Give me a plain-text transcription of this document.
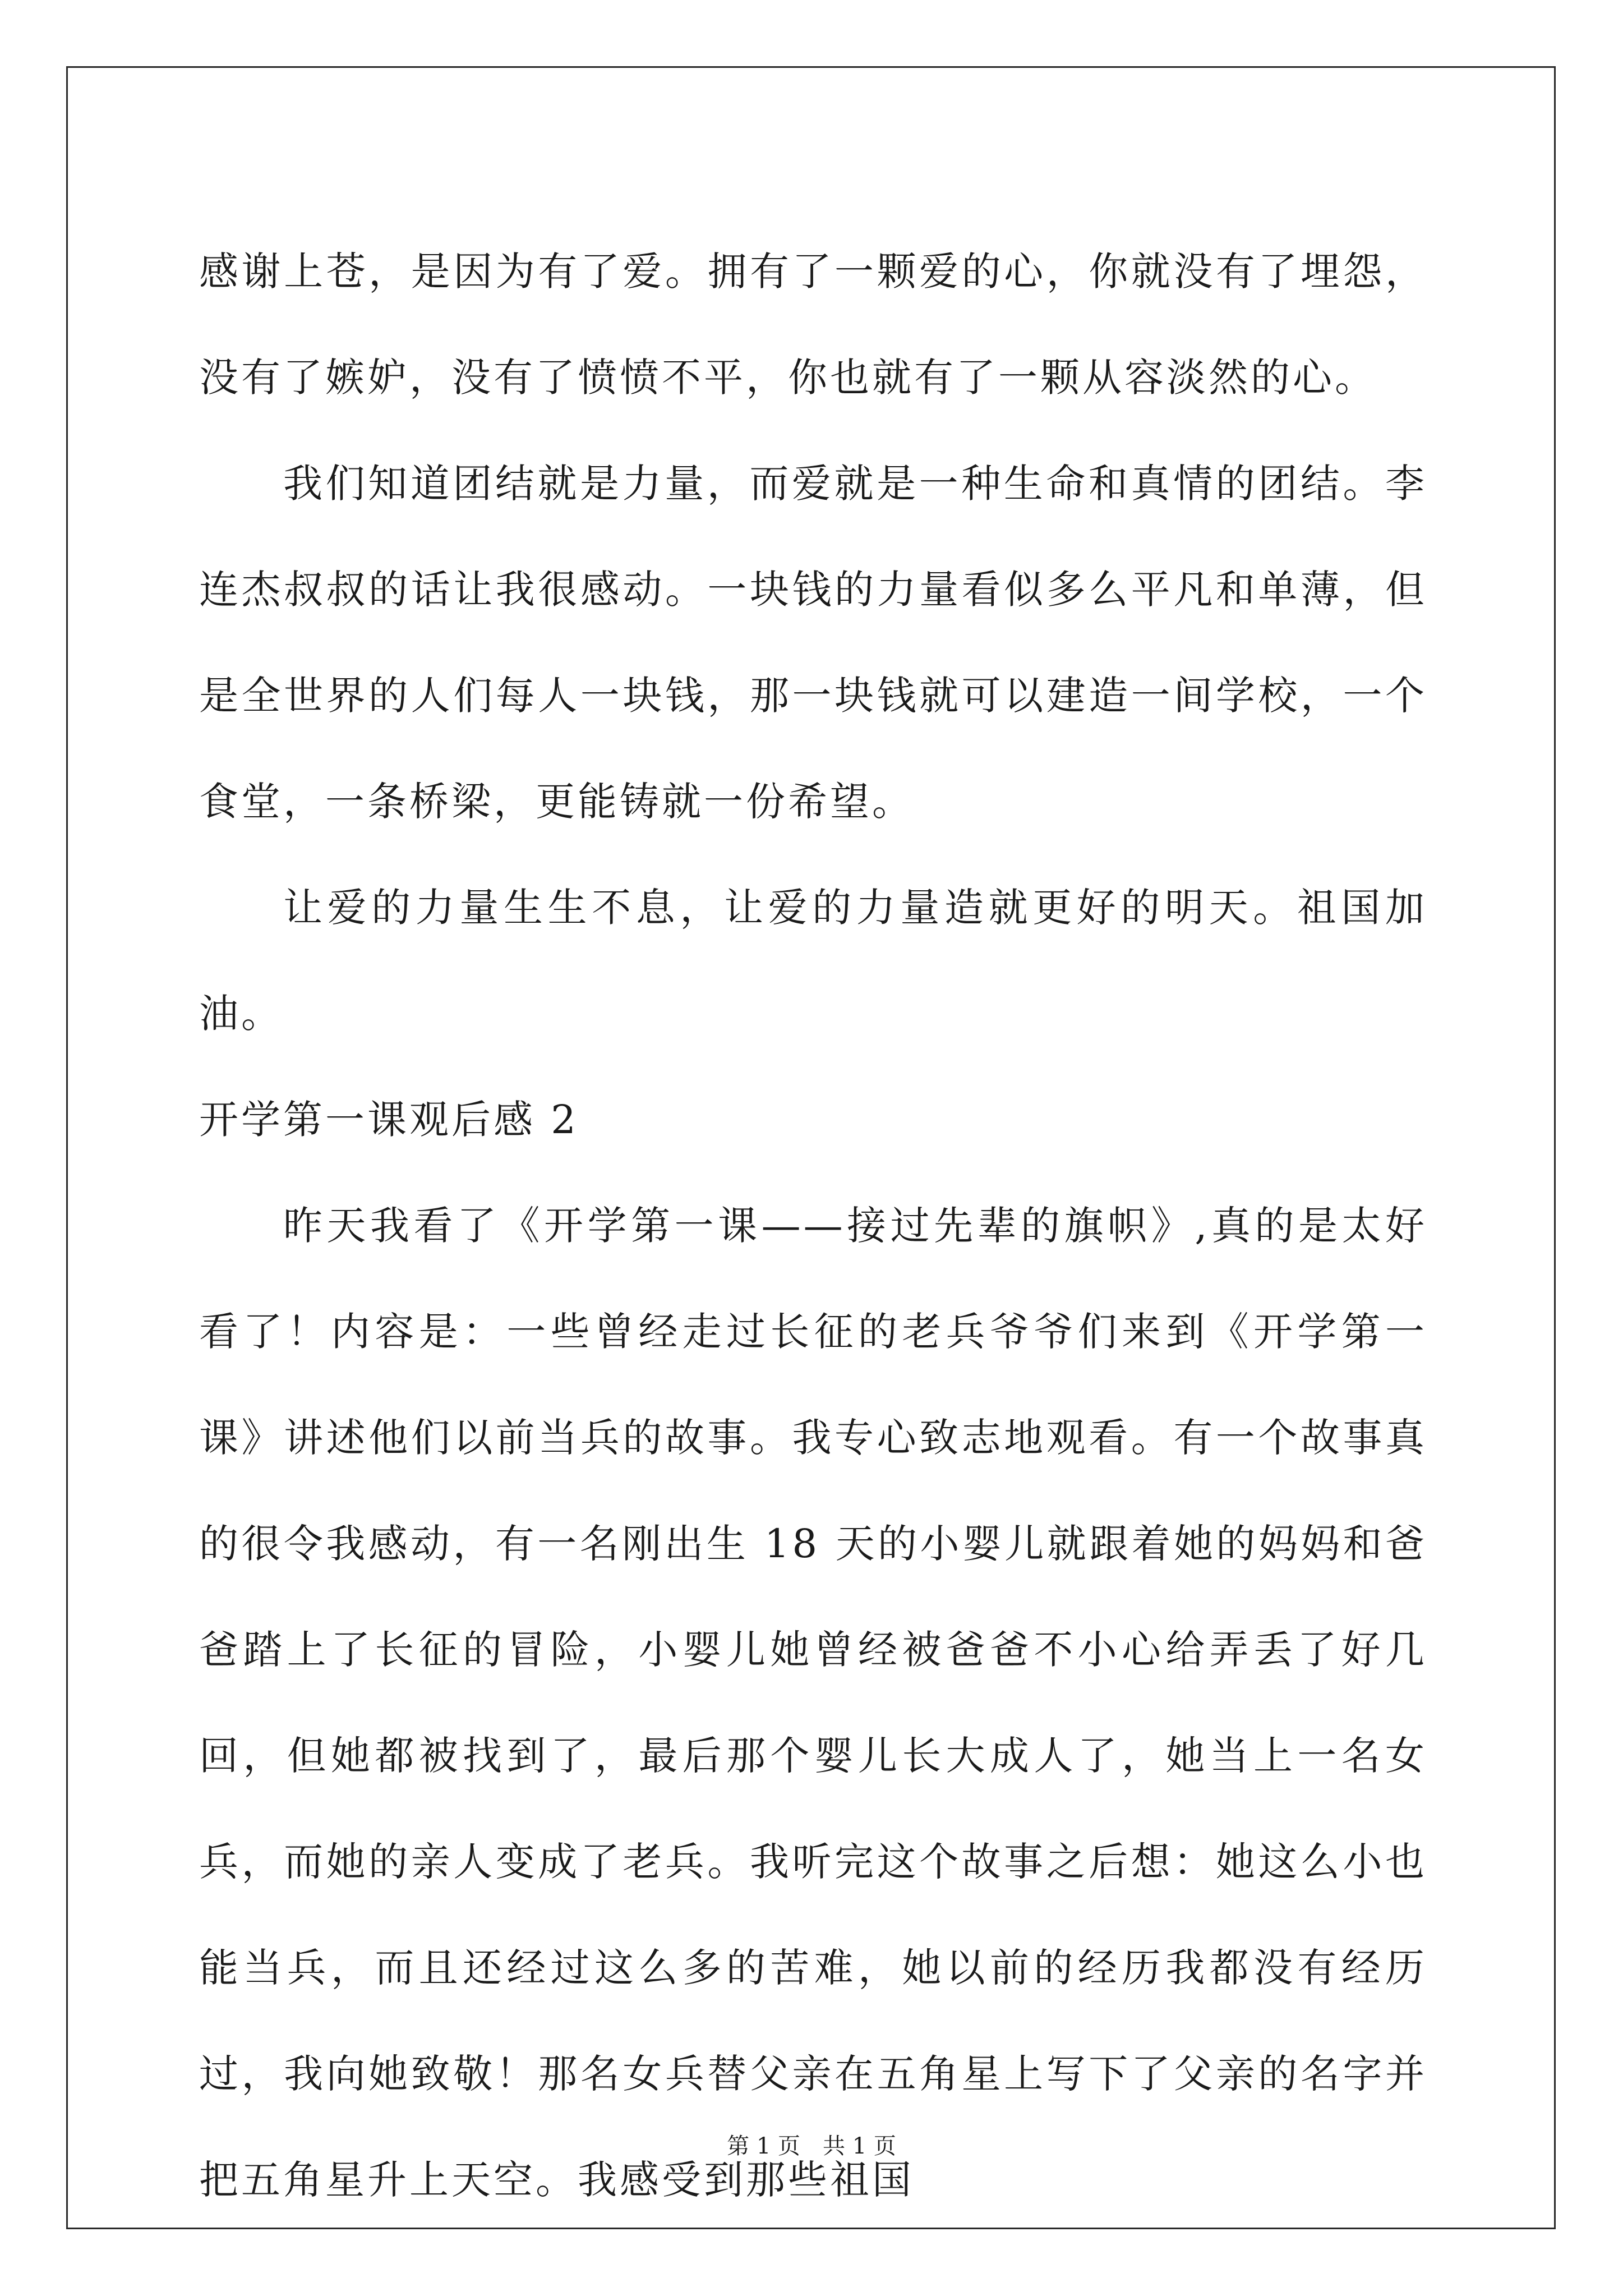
感谢上苍，是因为有了爱。拥有了一颗爱的心，你就没有了埋怨，没有了嫉妒，没有了愤愤不平，你也就有了一颗从容淡然的心。

我们知道团结就是力量，而爱就是一种生命和真情的团结。李连杰叔叔的话让我很感动。一块钱的力量看似多么平凡和单薄，但是全世界的人们每人一块钱，那一块钱就可以建造一间学校，一个食堂，一条桥梁，更能铸就一份希望。

让爱的力量生生不息，让爱的力量造就更好的明天。祖国加油。

开学第一课观后感 2

昨天我看了《开学第一课——接过先辈的旗帜》,真的是太好看了！内容是：一些曾经走过长征的老兵爷爷们来到《开学第一课》讲述他们以前当兵的故事。我专心致志地观看。有一个故事真的很令我感动，有一名刚出生 18 天的小婴儿就跟着她的妈妈和爸爸踏上了长征的冒险，小婴儿她曾经被爸爸不小心给弄丢了好几回，但她都被找到了，最后那个婴儿长大成人了，她当上一名女兵，而她的亲人变成了老兵。我听完这个故事之后想：她这么小也能当兵，而且还经过这么多的苦难，她以前的经历我都没有经历过，我向她致敬！那名女兵替父亲在五角星上写下了父亲的名字并把五角星升上天空。我感受到那些祖国

第 1 页 共 1 页
